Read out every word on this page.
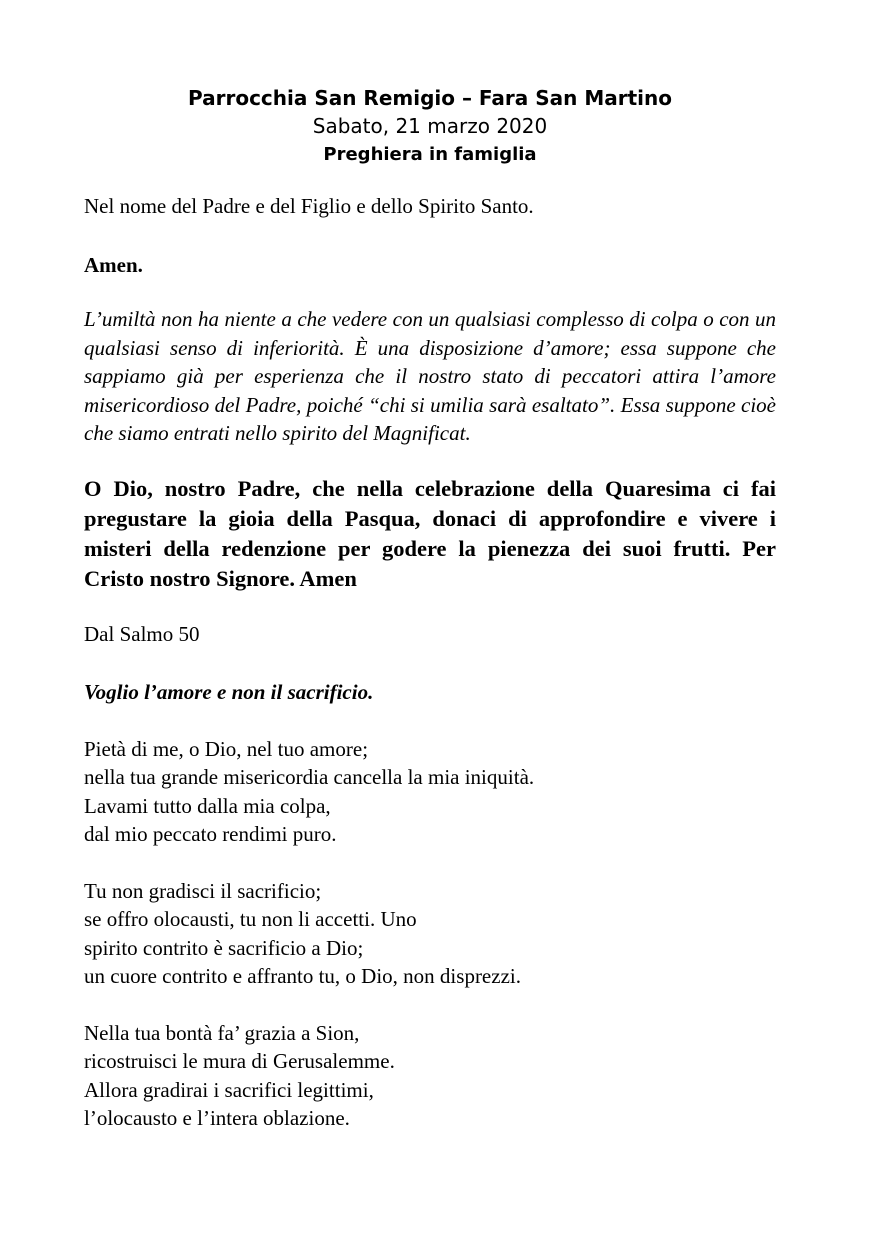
Parrocchia San Remigio – Fara San Martino
Sabato, 21 marzo 2020
Preghiera in famiglia
Nel nome del Padre e del Figlio e dello Spirito Santo.
Amen.
L’umiltà non ha niente a che vedere con un qualsiasi complesso di colpa o con un qualsiasi senso di inferiorità. È una disposizione d’amore; essa suppone che sappiamo già per esperienza che il nostro stato di peccatori attira l’amore misericordioso del Padre, poiché “chi si umilia sarà esaltato”. Essa suppone cioè che siamo entrati nello spirito del Magnificat.
O Dio, nostro Padre, che nella celebrazione della Quaresima ci fai pregustare la gioia della Pasqua, donaci di approfondire e vivere i misteri della redenzione per godere la pienezza dei suoi frutti. Per Cristo nostro Signore. Amen
Dal Salmo 50
Voglio l’amore e non il sacrificio.
Pietà di me, o Dio, nel tuo amore;
nella tua grande misericordia cancella la mia iniquità.
Lavami tutto dalla mia colpa,
dal mio peccato rendimi puro.
Tu non gradisci il sacrificio;
se offro olocausti, tu non li accetti. Uno
spirito contrito è sacrificio a Dio;
un cuore contrito e affranto tu, o Dio, non disprezzi.
Nella tua bontà fa’ grazia a Sion,
ricostruisci le mura di Gerusalemme.
Allora gradirai i sacrifici legittimi,
l’olocausto e l’intera oblazione.
